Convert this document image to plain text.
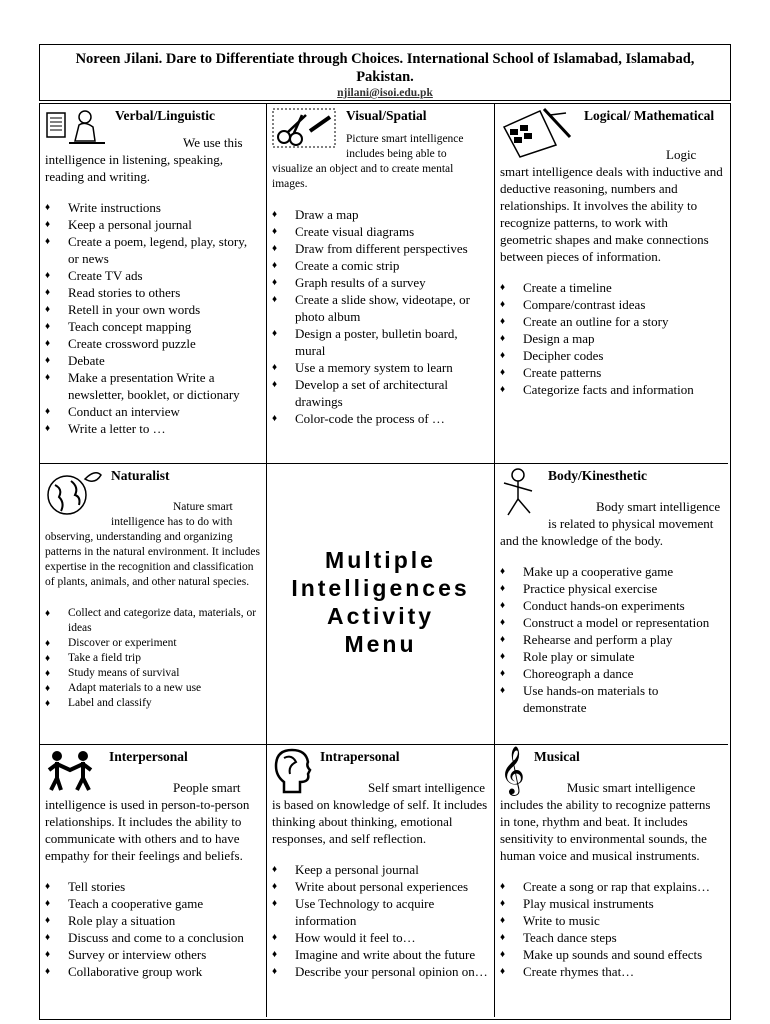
Noreen Jilani. Dare to Differentiate through Choices. International School of Islamabad, Islamabad, Pakistan.
njilani@isoi.edu.pk
Verbal/Linguistic
We use this intelligence in listening, speaking, reading and writing.
♦ Write instructions
♦ Keep a personal journal
♦ Create a poem, legend, play, story, or news
♦ Create TV ads
♦ Read stories to others
♦ Retell in your own words
♦ Teach concept mapping
♦ Create crossword puzzle
♦ Debate
♦ Make a presentation Write a newsletter, booklet, or dictionary
♦ Conduct an interview
♦ Write a letter to …
Visual/Spatial
Picture smart intelligence includes being able to visualize an object and to create mental images.
♦ Draw a map
♦ Create visual diagrams
♦ Draw from different perspectives
♦ Create a comic strip
♦ Graph results of a survey
♦ Create a slide show, videotape, or photo album
♦ Design a poster, bulletin board, mural
♦ Use a memory system to learn
♦ Develop a set of architectural drawings
♦ Color-code the process of …
Logical/ Mathematical
Logic smart intelligence deals with inductive and deductive reasoning, numbers and relationships. It involves the ability to recognize patterns, to work with geometric shapes and make connections between pieces of information.
♦ Create a timeline
♦ Compare/contrast ideas
♦ Create an outline for a story
♦ Design a map
♦ Decipher codes
♦ Create patterns
♦ Categorize facts and information
Naturalist
Nature smart intelligence has to do with observing, understanding and organizing patterns in the natural environment. It includes expertise in the recognition and classification of plants, animals, and other natural species.
♦ Collect and categorize data, materials, or ideas
♦ Discover or experiment
♦ Take a field trip
♦ Study means of survival
♦ Adapt materials to a new use
♦ Label and classify
Multiple
Intelligences
Activity
Menu
Body/Kinesthetic
Body smart intelligence is related to physical movement and the knowledge of the body.
♦ Make up a cooperative game
♦ Practice physical exercise
♦ Conduct hands-on experiments
♦ Construct a model or representation
♦ Rehearse and perform a play
♦ Role play or simulate
♦ Choreograph a dance
♦ Use hands-on materials to demonstrate
Interpersonal
People smart intelligence is used in person-to-person relationships. It includes the ability to communicate with others and to have empathy for their feelings and beliefs.
♦ Tell stories
♦ Teach a cooperative game
♦ Role play a situation
♦ Discuss and come to a conclusion
♦ Survey or interview others
♦ Collaborative group work
Intrapersonal
Self smart intelligence is based on knowledge of self. It includes thinking about thinking, emotional responses, and self reflection.
♦ Keep a personal journal
♦ Write about personal experiences
♦ Use Technology to acquire information
♦ How would it feel to…
♦ Imagine and write about the future
♦ Describe your personal opinion on…
𝄞 Musical
Music smart intelligence includes the ability to recognize patterns in tone, rhythm and beat. It includes sensitivity to environmental sounds, the human voice and musical instruments.
♦ Create a song or rap that explains…
♦ Play musical instruments
♦ Write to music
♦ Teach dance steps
♦ Make up sounds and sound effects
♦ Create rhymes that…
